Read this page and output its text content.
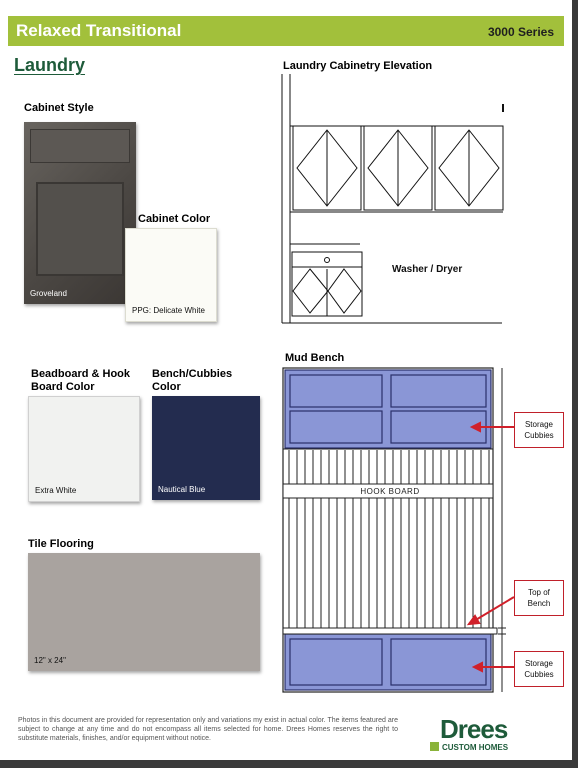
Relaxed Transitional	3000 Series
Laundry
Cabinet Style
Groveland
Cabinet Color
PPG: Delicate White
Beadboard & Hook
Board Color
Extra White
Bench/Cubbies
Color
Nautical Blue
Tile Flooring
12" x 24"
Laundry Cabinetry Elevation
Washer / Dryer
Mud Bench
HOOK BOARD
Storage
Cubbies
Top of
Bench
Storage
Cubbies
Photos in this document are provided for representation only and variations my exist in actual color. The items featured are subject to change at any time and do not encompass all items selected for home. Drees Homes reserves the right to substitute materials, finishes, and/or equipment without notice.	Drees
CUSTOM HOMES
